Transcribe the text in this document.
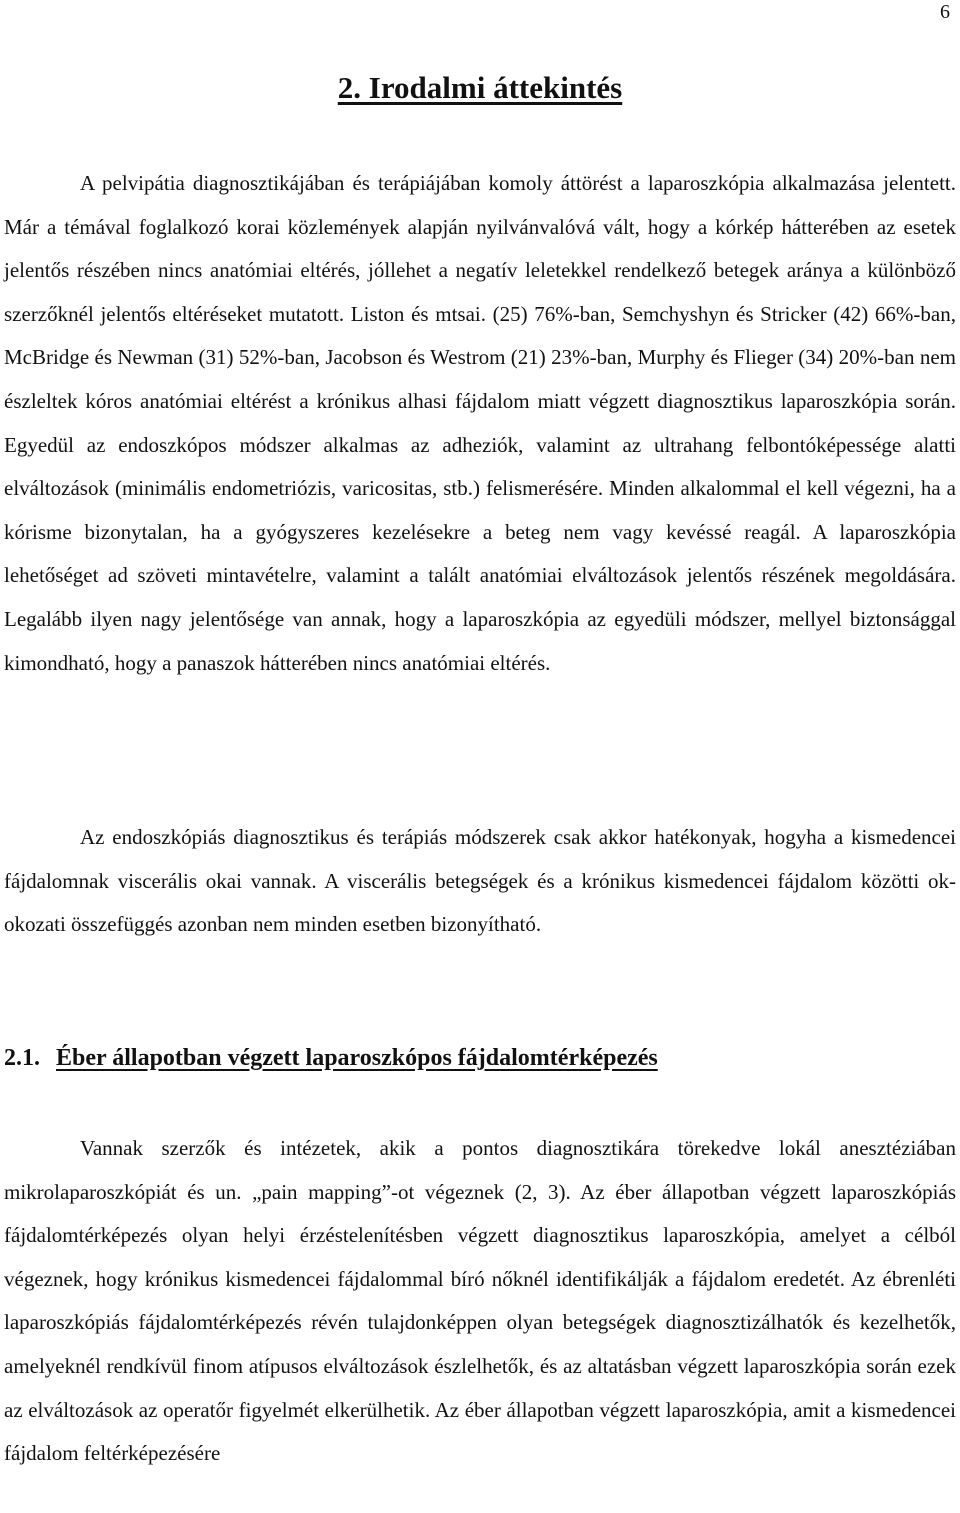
6
2. Irodalmi áttekintés

A pelvipátia diagnosztikájában és terápiájában komoly áttörést a laparoszkópia alkalmazása jelentett. Már a témával foglalkozó korai közlemények alapján nyilvánvalóvá vált, hogy a kórkép hátterében az esetek jelentős részében nincs anatómiai eltérés, jóllehet a negatív leletekkel rendelkező betegek aránya a különböző szerzőknél jelentős eltéréseket mutatott. Liston és mtsai. (25) 76%-ban, Semchyshyn és Stricker (42) 66%-ban, McBridge és Newman (31) 52%-ban, Jacobson és Westrom (21) 23%-ban, Murphy és Flieger (34) 20%-ban nem észleltek kóros anatómiai eltérést a krónikus alhasi fájdalom miatt végzett diagnosztikus laparoszkópia során. Egyedül az endoszkópos módszer alkalmas az adheziók, valamint az ultrahang felbontóképessége alatti elváltozások (minimális endometriózis, varicositas, stb.) felismerésére. Minden alkalommal el kell végezni, ha a kórisme bizonytalan, ha a gyógyszeres kezelésekre a beteg nem vagy kevéssé reagál. A laparoszkópia lehetőséget ad szöveti mintavételre, valamint a talált anatómiai elváltozások jelentős részének megoldására. Legalább ilyen nagy jelentősége van annak, hogy a laparoszkópia az egyedüli módszer, mellyel biztonsággal kimondható, hogy a panaszok hátterében nincs anatómiai eltérés.

Az endoszkópiás diagnosztikus és terápiás módszerek csak akkor hatékonyak, hogyha a kismedencei fájdalomnak viscerális okai vannak. A viscerális betegségek és a krónikus kismedencei fájdalom közötti ok-okozati összefüggés azonban nem minden esetben bizonyítható.

2.1. Éber állapotban végzett laparoszkópos fájdalomtérképezés

Vannak szerzők és intézetek, akik a pontos diagnosztikára törekedve lokál anesztéziában mikrolaparoszkópiát és un. „pain mapping”-ot végeznek (2, 3). Az éber állapotban végzett laparoszkópiás fájdalomtérképezés olyan helyi érzéstelenítésben végzett diagnosztikus laparoszkópia, amelyet a célból végeznek, hogy krónikus kismedencei fájdalommal bíró nőknél identifikálják a fájdalom eredetét. Az ébrenléti laparoszkópiás fájdalomtérképezés révén tulajdonképpen olyan betegségek diagnosztizálhatók és kezelhetők, amelyeknél rendkívül finom atípusos elváltozások észlelhetők, és az altatásban végzett laparoszkópia során ezek az elváltozások az operatőr figyelmét elkerülhetik. Az éber állapotban végzett laparoszkópia, amit a kismedencei fájdalom feltérképezésére
